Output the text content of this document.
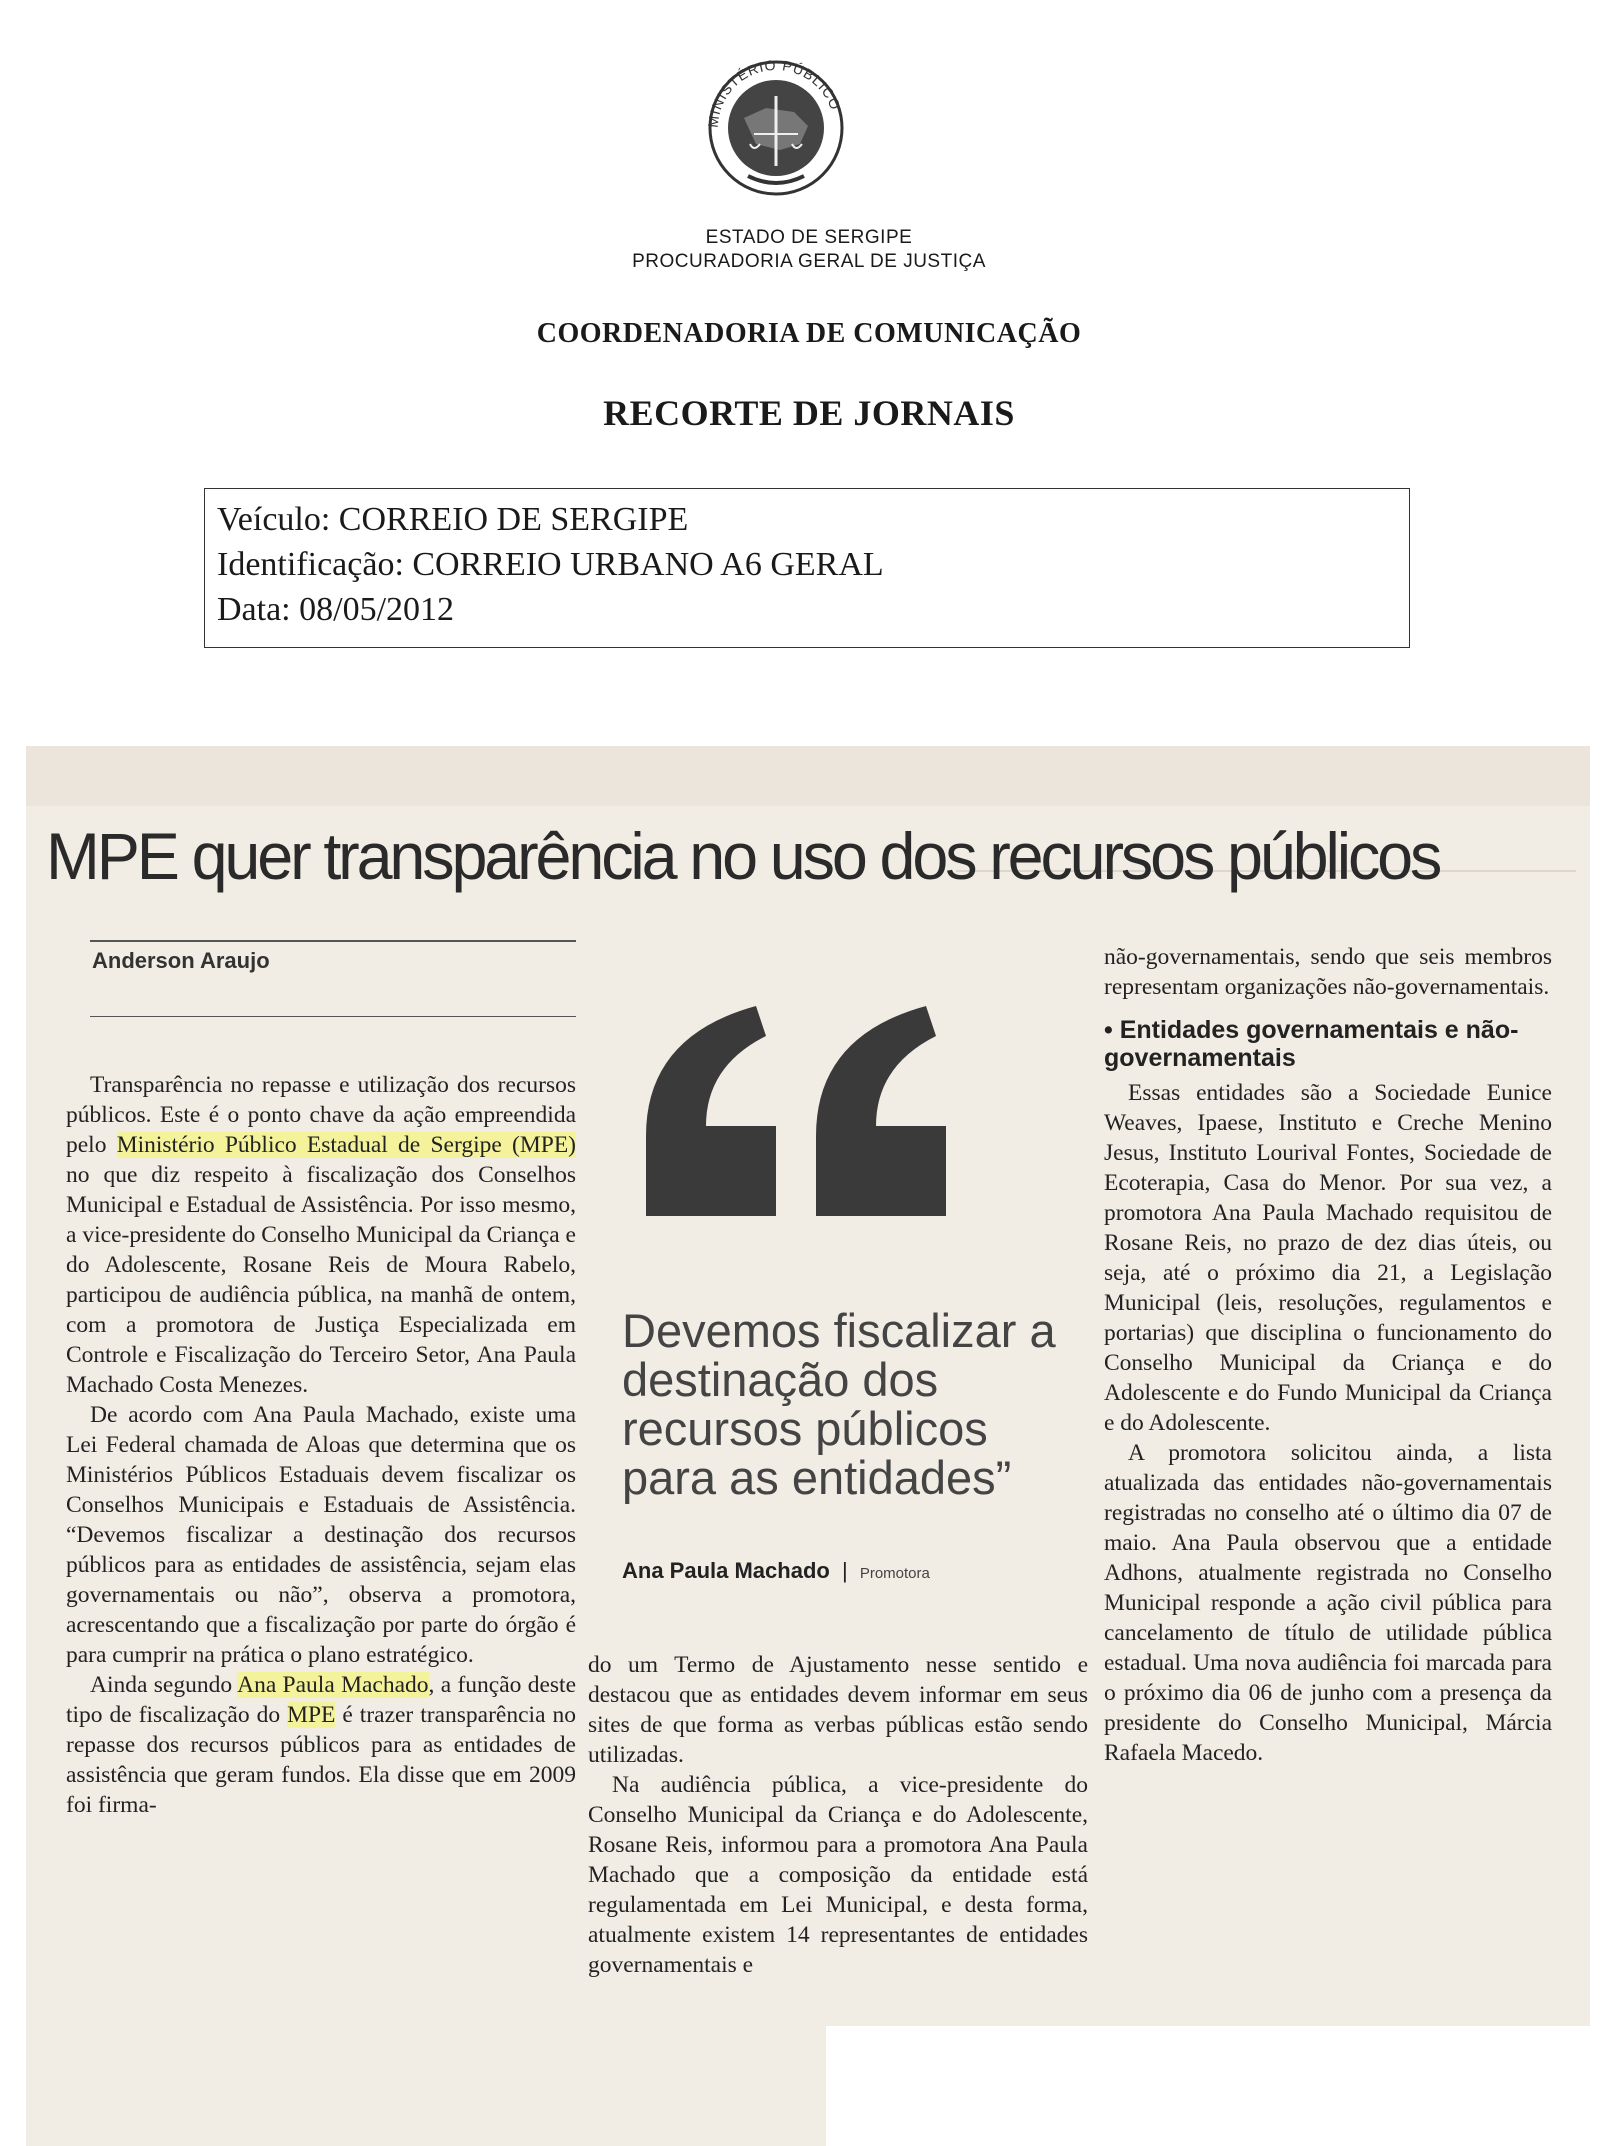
MINISTÉRIO PÚBLICO
ESTADO DE SERGIPE
PROCURADORIA GERAL DE JUSTIÇA
COORDENADORIA DE COMUNICAÇÃO
RECORTE DE JORNAIS
Veículo: CORREIO DE SERGIPE
Identificação: CORREIO URBANO A6 GERAL
Data: 08/05/2012
MPE quer transparência no uso dos recursos públicos
Anderson Araujo

Transparência no repasse e utilização dos recursos públicos. Este é o ponto chave da ação empreendida pelo Ministério Público Estadual de Sergipe (MPE) no que diz respeito à fiscalização dos Conselhos Municipal e Estadual de Assistência. Por isso mesmo, a vice-presidente do Conselho Municipal da Criança e do Adolescente, Rosane Reis de Moura Rabelo, participou de audiência pública, na manhã de ontem, com a promotora de Justiça Especializada em Controle e Fiscalização do Terceiro Setor, Ana Paula Machado Costa Menezes.

De acordo com Ana Paula Machado, existe uma Lei Federal chamada de Aloas que determina que os Ministérios Públicos Estaduais devem fiscalizar os Conselhos Municipais e Estaduais de Assistência. “Devemos fiscalizar a destinação dos recursos públicos para as entidades de assistência, sejam elas governamentais ou não”, observa a promotora, acrescentando que a fiscalização por parte do órgão é para cumprir na prática o plano estratégico.

Ainda segundo Ana Paula Machado, a função deste tipo de fiscalização do MPE é trazer transparência no repasse dos recursos públicos para as entidades de assistência que geram fundos. Ela disse que em 2009 foi firma-

Devemos fiscalizar a destinação dos recursos públicos para as entidades”
Ana Paula Machado | Promotora

do um Termo de Ajustamento nesse sentido e destacou que as entidades devem informar em seus sites de que forma as verbas públicas estão sendo utilizadas.

Na audiência pública, a vice-presidente do Conselho Municipal da Criança e do Adolescente, Rosane Reis, informou para a promotora Ana Paula Machado que a composição da entidade está regulamentada em Lei Municipal, e desta forma, atualmente existem 14 representantes de entidades governamentais e

não-governamentais, sendo que seis membros representam organizações não-governamentais.

• Entidades governamentais e não-governamentais

Essas entidades são a Sociedade Eunice Weaves, Ipaese, Instituto e Creche Menino Jesus, Instituto Lourival Fontes, Sociedade de Ecoterapia, Casa do Menor. Por sua vez, a promotora Ana Paula Machado requisitou de Rosane Reis, no prazo de dez dias úteis, ou seja, até o próximo dia 21, a Legislação Municipal (leis, resoluções, regulamentos e portarias) que disciplina o funcionamento do Conselho Municipal da Criança e do Adolescente e do Fundo Municipal da Criança e do Adolescente.

A promotora solicitou ainda, a lista atualizada das entidades não-governamentais registradas no conselho até o último dia 07 de maio. Ana Paula observou que a entidade Adhons, atualmente registrada no Conselho Municipal responde a ação civil pública para cancelamento de título de utilidade pública estadual. Uma nova audiência foi marcada para o próximo dia 06 de junho com a presença da presidente do Conselho Municipal, Márcia Rafaela Macedo.
